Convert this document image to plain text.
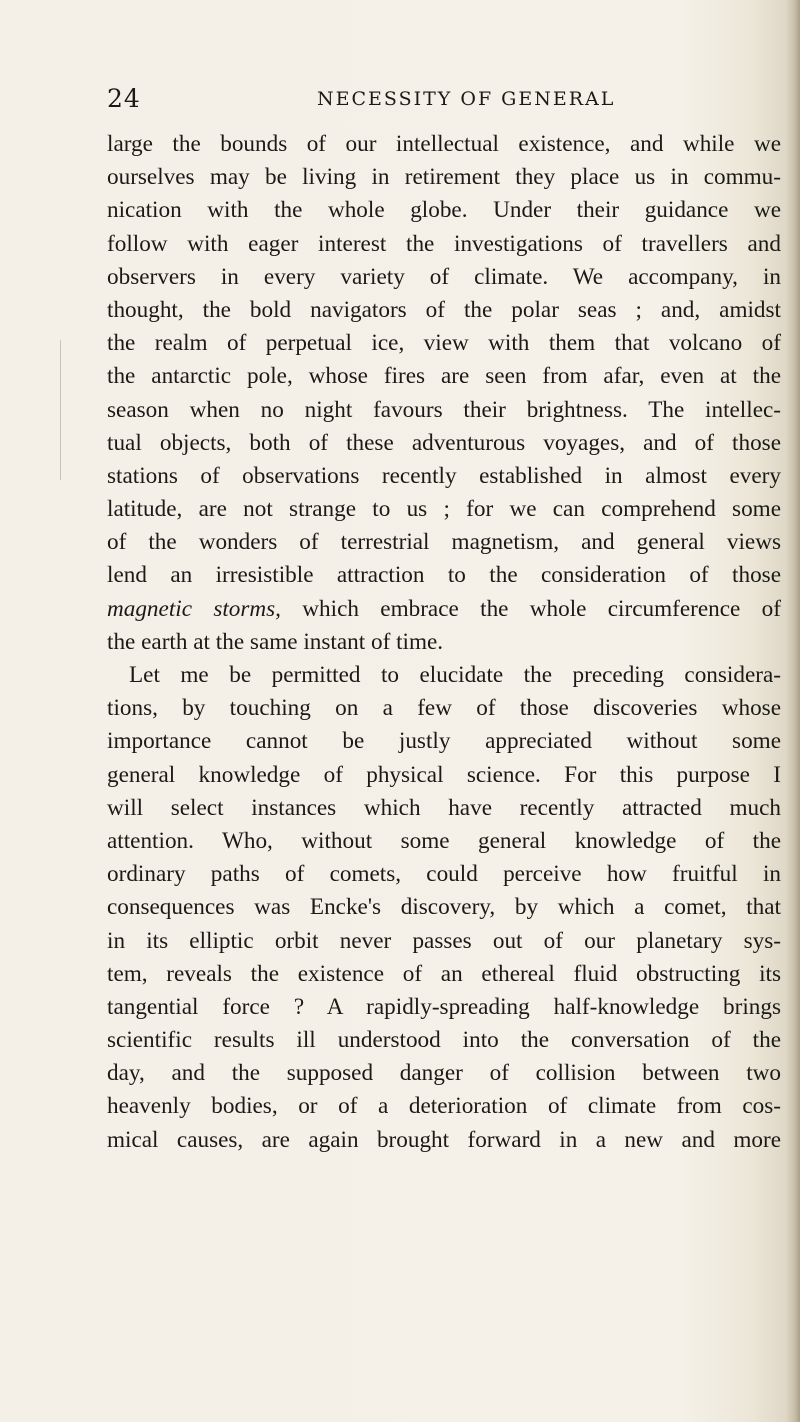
24	NECESSITY OF GENERAL
large the bounds of our intellectual existence, and while we
ourselves may be living in retirement they place us in commu-
nication with the whole globe. Under their guidance we
follow with eager interest the investigations of travellers and
observers in every variety of climate. We accompany, in
thought, the bold navigators of the polar seas ; and, amidst
the realm of perpetual ice, view with them that volcano of
the antarctic pole, whose fires are seen from afar, even at the
season when no night favours their brightness. The intellec-
tual objects, both of these adventurous voyages, and of those
stations of observations recently established in almost every
latitude, are not strange to us ; for we can comprehend some
of the wonders of terrestrial magnetism, and general views
lend an irresistible attraction to the consideration of those
magnetic storms, which embrace the whole circumference of
the earth at the same instant of time.
Let me be permitted to elucidate the preceding considera-
tions, by touching on a few of those discoveries whose
importance cannot be justly appreciated without some
general knowledge of physical science. For this purpose I
will select instances which have recently attracted much
attention. Who, without some general knowledge of the
ordinary paths of comets, could perceive how fruitful in
consequences was Encke's discovery, by which a comet, that
in its elliptic orbit never passes out of our planetary sys-
tem, reveals the existence of an ethereal fluid obstructing its
tangential force ? A rapidly-spreading half-knowledge brings
scientific results ill understood into the conversation of the
day, and the supposed danger of collision between two
heavenly bodies, or of a deterioration of climate from cos-
mical causes, are again brought forward in a new and more
